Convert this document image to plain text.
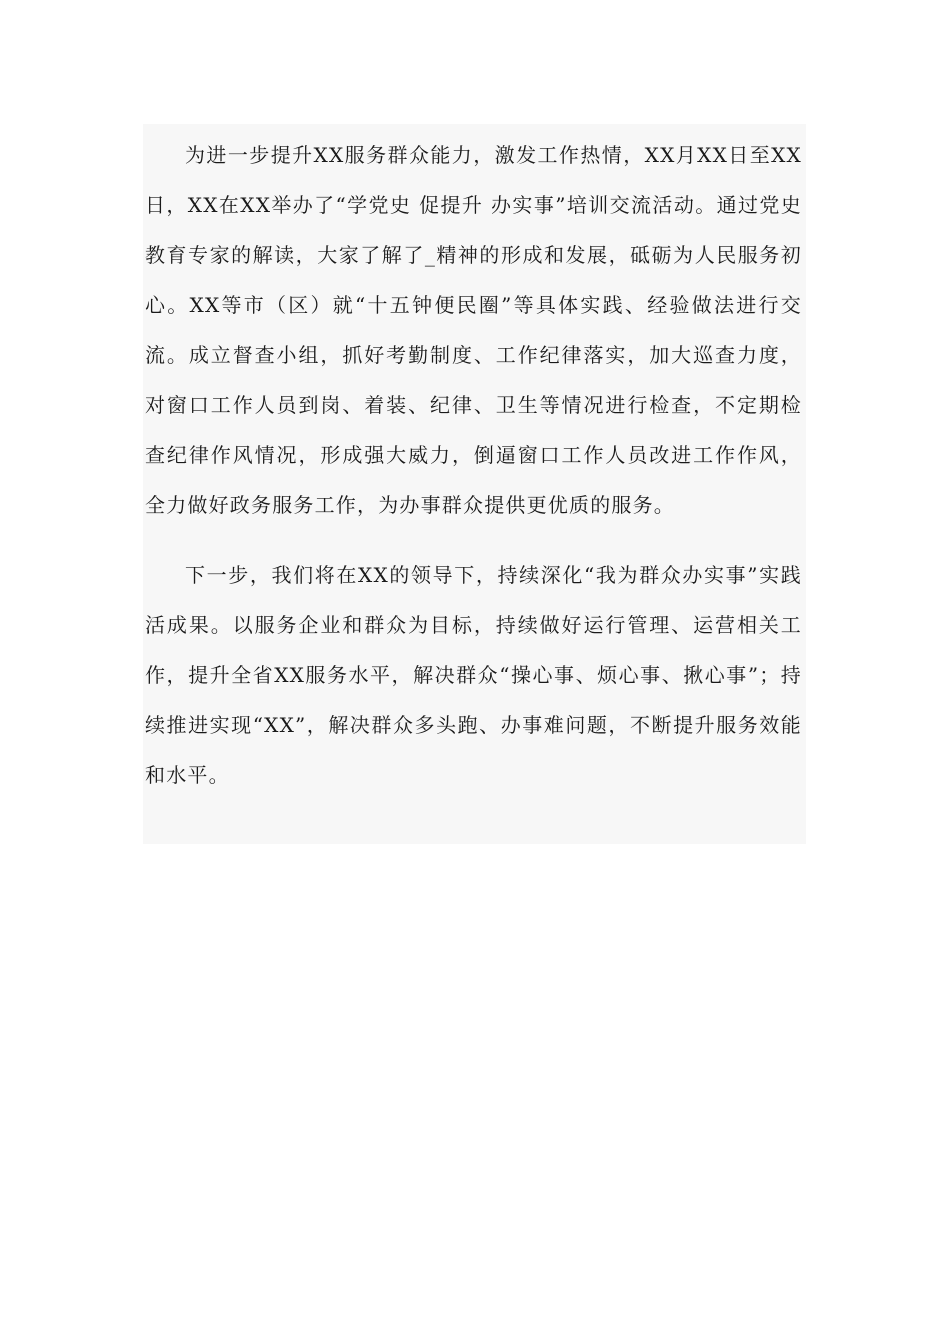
为进一步提升XX服务群众能力，激发工作热情，XX月XX日至XX日，XX在XX举办了“学党史 促提升 办实事”培训交流活动。通过党史教育专家的解读，大家了解了_精神的形成和发展，砥砺为人民服务初心。XX等市（区）就“十五钟便民圈”等具体实践、经验做法进行交流。成立督查小组，抓好考勤制度、工作纪律落实，加大巡查力度，对窗口工作人员到岗、着装、纪律、卫生等情况进行检查，不定期检查纪律作风情况，形成强大威力，倒逼窗口工作人员改进工作作风，全力做好政务服务工作，为办事群众提供更优质的服务。

下一步，我们将在XX的领导下，持续深化“我为群众办实事”实践活成果。以服务企业和群众为目标，持续做好运行管理、运营相关工作，提升全省XX服务水平，解决群众“操心事、烦心事、揪心事”；持续推进实现“XX”，解决群众多头跑、办事难问题，不断提升服务效能和水平。
